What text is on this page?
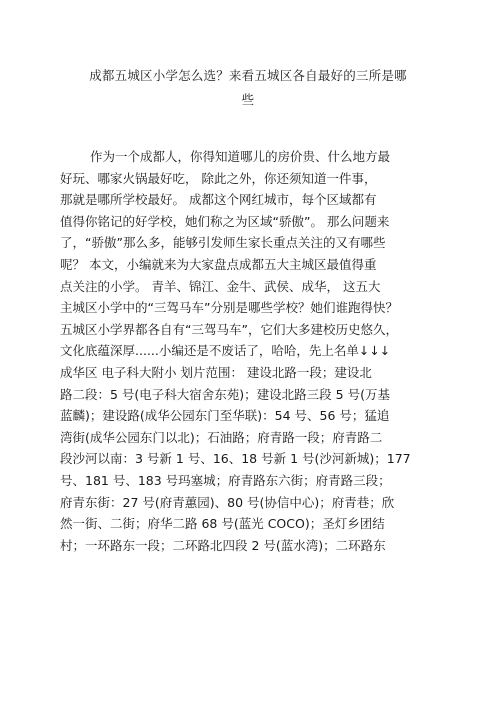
成都五城区小学怎么选？来看五城区各自最好的三所是哪
些
作为一个成都人，你得知道哪儿的房价贵、什么地方最
好玩、哪家火锅最好吃， 除此之外，你还须知道一件事，
那就是哪所学校最好。 成都这个网红城市，每个区域都有
值得你铭记的好学校，她们称之为区域“骄傲”。 那么问题来
了，“骄傲”那么多，能够引发师生家长重点关注的又有哪些
呢？ 本文，小编就来为大家盘点成都五大主城区最值得重
点关注的小学。 青羊、锦江、金牛、武侯、成华， 这五大
主城区小学中的“三驾马车”分别是哪些学校？她们谁跑得快？
五城区小学界都各自有“三驾马车”，它们大多建校历史悠久，
文化底蕴深厚......小编还是不废话了，哈哈，先上名单↓↓↓
成华区 电子科大附小 划片范围： 建设北路一段；建设北
路二段：5 号(电子科大宿舍东苑)；建设北路三段 5 号(万基
蓝麟)；建设路(成华公园东门至华联)：54 号、56 号；猛追
湾街(成华公园东门以北)；石油路；府青路一段；府青路二
段沙河以南：3 号新 1 号、16、18 号新 1 号(沙河新城)；177
号、181 号、183 号玛塞城；府青路东六街；府青路三段；
府青东街：27 号(府青蕙园)、80 号(协信中心)；府青巷；欣
然一街、二街；府华二路 68 号(蓝光 COCO)；圣灯乡团结
村；一环路东一段；二环路北四段 2 号(蓝水湾)；二环路东
